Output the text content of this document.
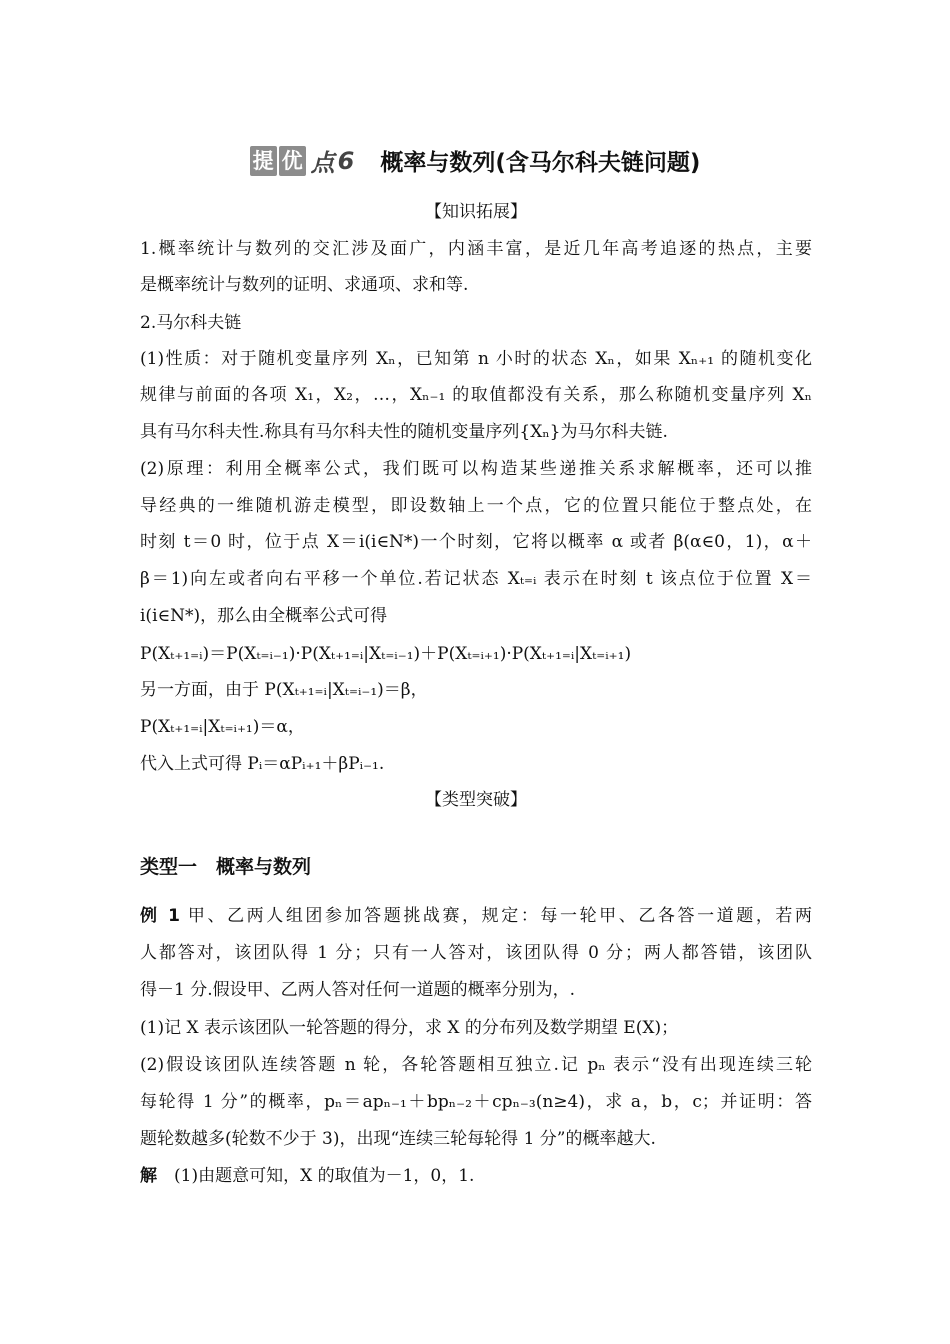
提 优 点 6 概率与数列(含马尔科夫链问题)
【知识拓展】
1.概率统计与数列的交汇涉及面广，内涵丰富，是近几年高考追逐的热点，主要
是概率统计与数列的证明、求通项、求和等.
2.马尔科夫链
(1)性质：对于随机变量序列 Xₙ，已知第 n 小时的状态 Xₙ，如果 Xₙ₊₁ 的随机变化
规律与前面的各项 X₁，X₂，…，Xₙ₋₁ 的取值都没有关系，那么称随机变量序列 Xₙ
具有马尔科夫性.称具有马尔科夫性的随机变量序列{Xₙ}为马尔科夫链.
(2)原理：利用全概率公式，我们既可以构造某些递推关系求解概率，还可以推
导经典的一维随机游走模型，即设数轴上一个点，它的位置只能位于整点处，在
时刻 t＝0 时，位于点 X＝i(i∈N*)一个时刻，它将以概率 α 或者 β(α∈0，1)，α＋
β＝1)向左或者向右平移一个单位.若记状态 Xₜ₌ᵢ 表示在时刻 t 该点位于位置 X＝
i(i∈N*)，那么由全概率公式可得
P(Xₜ₊₁₌ᵢ)＝P(Xₜ₌ᵢ₋₁)·P(Xₜ₊₁₌ᵢ|Xₜ₌ᵢ₋₁)＋P(Xₜ₌ᵢ₊₁)·P(Xₜ₊₁₌ᵢ|Xₜ₌ᵢ₊₁)
另一方面，由于 P(Xₜ₊₁₌ᵢ|Xₜ₌ᵢ₋₁)＝β，
P(Xₜ₊₁₌ᵢ|Xₜ₌ᵢ₊₁)＝α，
代入上式可得 Pᵢ＝αPᵢ₊₁＋βPᵢ₋₁.
【类型突破】
类型一　概率与数列
例 1 甲、乙两人组团参加答题挑战赛，规定：每一轮甲、乙各答一道题，若两
人都答对，该团队得 1 分；只有一人答对，该团队得 0 分；两人都答错，该团队
得－1 分.假设甲、乙两人答对任何一道题的概率分别为，.
(1)记 X 表示该团队一轮答题的得分，求 X 的分布列及数学期望 E(X)；
(2)假设该团队连续答题 n 轮，各轮答题相互独立.记 pₙ 表示“没有出现连续三轮
每轮得 1 分”的概率，pₙ＝apₙ₋₁＋bpₙ₋₂＋cpₙ₋₃(n≥4)，求 a，b，c；并证明：答
题轮数越多(轮数不少于 3)，出现“连续三轮每轮得 1 分”的概率越大.
解　(1)由题意可知，X 的取值为－1，0，1.
